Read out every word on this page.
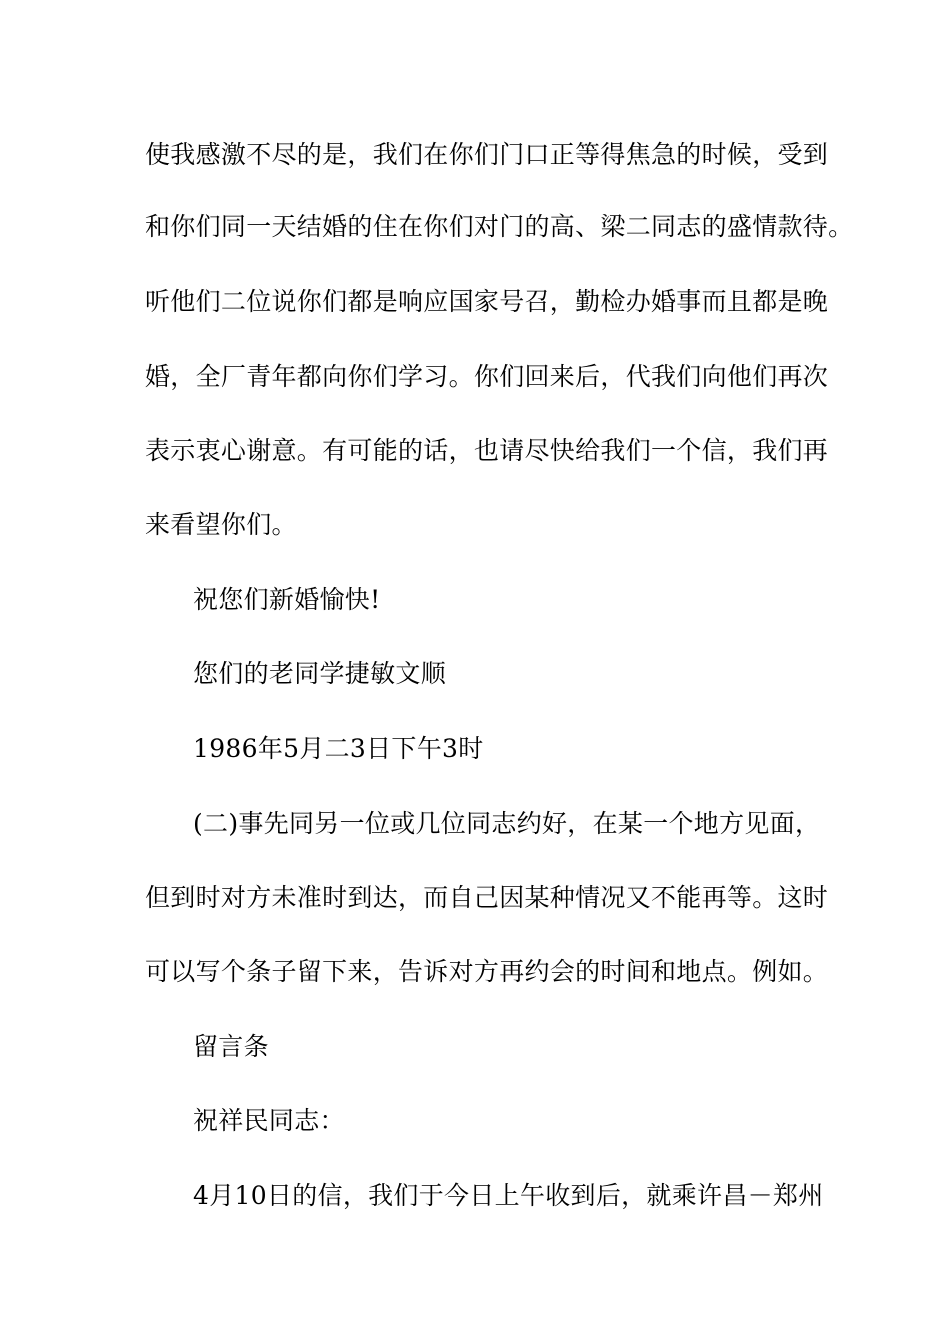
使我感激不尽的是，我们在你们门口正等得焦急的时候，受到
和你们同一天结婚的住在你们对门的高、梁二同志的盛情款待。
听他们二位说你们都是响应国家号召，勤检办婚事而且都是晚
婚，全厂青年都向你们学习。你们回来后，代我们向他们再次
表示衷心谢意。有可能的话，也请尽快给我们一个信，我们再
来看望你们。
祝您们新婚愉快!
您们的老同学捷敏文顺
1986年5月二3日下午3时
(二)事先同另一位或几位同志约好，在某一个地方见面，
但到时对方未准时到达，而自己因某种情况又不能再等。这时
可以写个条子留下来，告诉对方再约会的时间和地点。例如。
留言条
祝祥民同志：
4月10日的信，我们于今日上午收到后，就乘许昌－郑州
